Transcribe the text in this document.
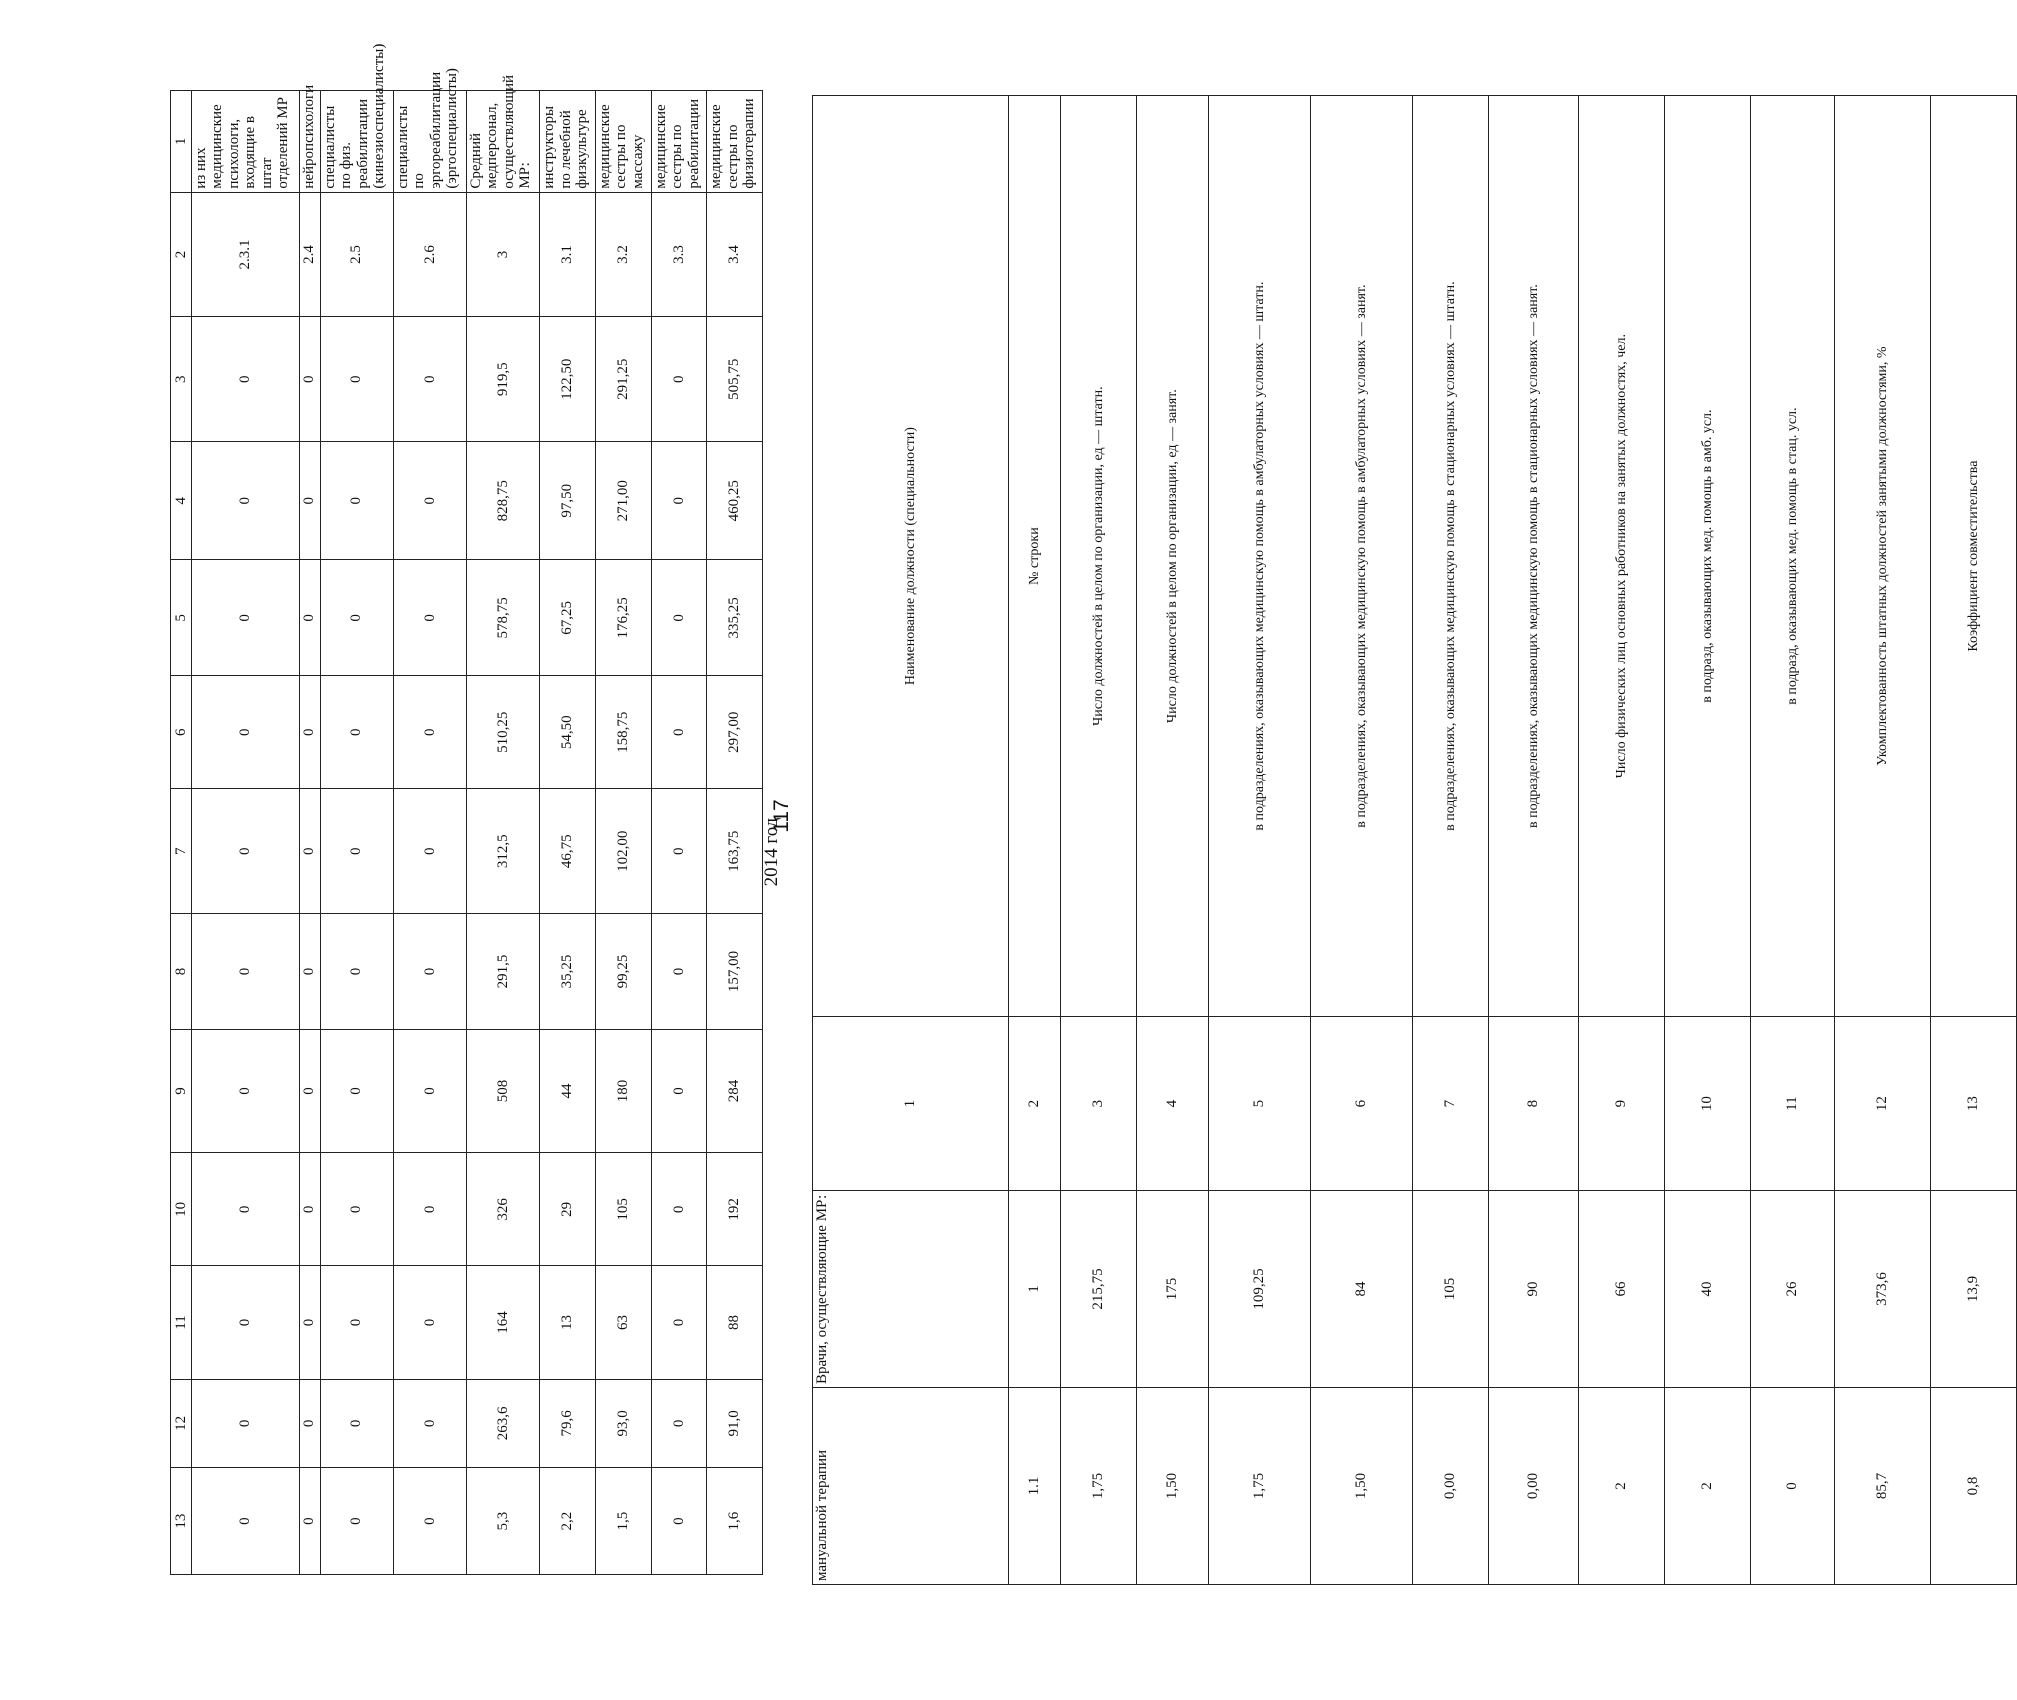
117
2014 год
13	12	11	10	9	8	7	6	5	4	3	2	1
0	0	0	0	0	0	0	0	0	0	0	2.3.1	из них медицинские психологи, входящие в штат отделений МР
0	0	0	0	0	0	0	0	0	0	0	2.4	нейропсихологи
0	0	0	0	0	0	0	0	0	0	0	2.5	специалисты по физ. реабилитации (кинезиоспециалисты)
0	0	0	0	0	0	0	0	0	0	0	2.6	специалисты по эргореабилитации (эргоспециалисты)
5,3	263,6	164	326	508	291,5	312,5	510,25	578,75	828,75	919,5	3	Средний медперсонал, осуществляющий МР:
2,2	79,6	13	29	44	35,25	46,75	54,50	67,25	97,50	122,50	3.1	инструкторы по лечебной физкультуре
1,5	93,0	63	105	180	99,25	102,00	158,75	176,25	271,00	291,25	3.2	медицинские сестры по массажу
0	0	0	0	0	0	0	0	0	0	0	3.3	медицинские сестры по реабилитации
1,6	91,0	88	192	284	157,00	163,75	297,00	335,25	460,25	505,75	3.4	медицинские сестры по физиотерапии
мануальной терапии	Врачи, осуществляющие МР:	1	Наименование должности (специальности)
1.1	1	2	№ строки
1,75	215,75	3	Число должностей в целом по организации, ед — штатн.
1,50	175	4	Число должностей в целом по организации, ед — занят.
1,75	109,25	5	в подразделениях, оказывающих медицинскую помощь в амбулаторных условиях — штатн.
1,50	84	6	в подразделениях, оказывающих медицинскую помощь в амбулаторных условиях — занят.
0,00	105	7	в подразделениях, оказывающих медицинскую помощь в стационарных условиях — штатн.
0,00	90	8	в подразделениях, оказывающих медицинскую помощь в стационарных условиях — занят.
2	66	9	Число физических лиц основных работников на занятых должностях, чел.
2	40	10	в подразд, оказывающих мед. помощь в амб. усл.
0	26	11	в подразд, оказывающих мед. помощь в стац. усл.
85,7	373,6	12	Укомплектованность штатных должностей занятыми должностями, %
0,8	13,9	13	Коэффициент совместительства
